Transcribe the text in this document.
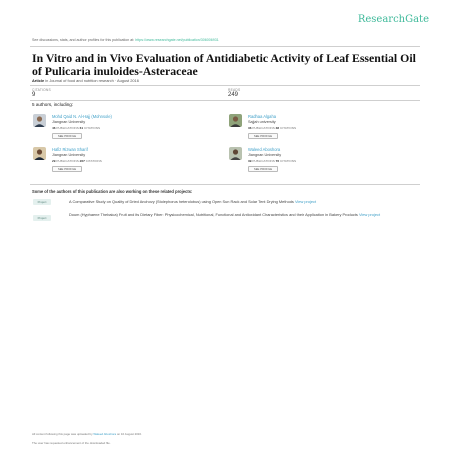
ResearchGate
See discussions, stats, and author profiles for this publication at: https://www.researchgate.net/publication/306006931
In Vitro and in Vivo Evaluation of Antidiabetic Activity of Leaf Essential Oil of Pulicaria inuloides-Asteraceae
Article in Journal of food and nutrition research · August 2016
CITATIONS
9
READS
249
5 authors, including:
Mohd Qaid N. Al-Hajj (Mohnsole)
Jiangnan University
46 PUBLICATIONS 61 CITATIONS
SEE PROFILE
Radhaa Algaha
Sajjah university
36 PUBLICATIONS 38 CITATIONS
SEE PROFILE
Hafiz Rizwan Sharif
Jiangnan University
29 PUBLICATIONS 267 CITATIONS
SEE PROFILE
Waleed Aboshora
Jiangnan University
39 PUBLICATIONS 76 CITATIONS
SEE PROFILE
Some of the authors of this publication are also working on these related projects:
Project	A Comparative Study on Quality of Dried Anchovy (Stolephorus heterolobus) using Open Sun Rack and Solar Tent Drying Methods View project
Project
Doum (Hyphaene Thebaica) Fruit and its Dietary Fiber: Physicochemical, Nutritional, Functional and Antioxidant Characteristics and their Application in Bakery Products View project
All content following this page was uploaded by Waleed Aboshora on 10 August 2016.
The user has requested enhancement of the downloaded file.
